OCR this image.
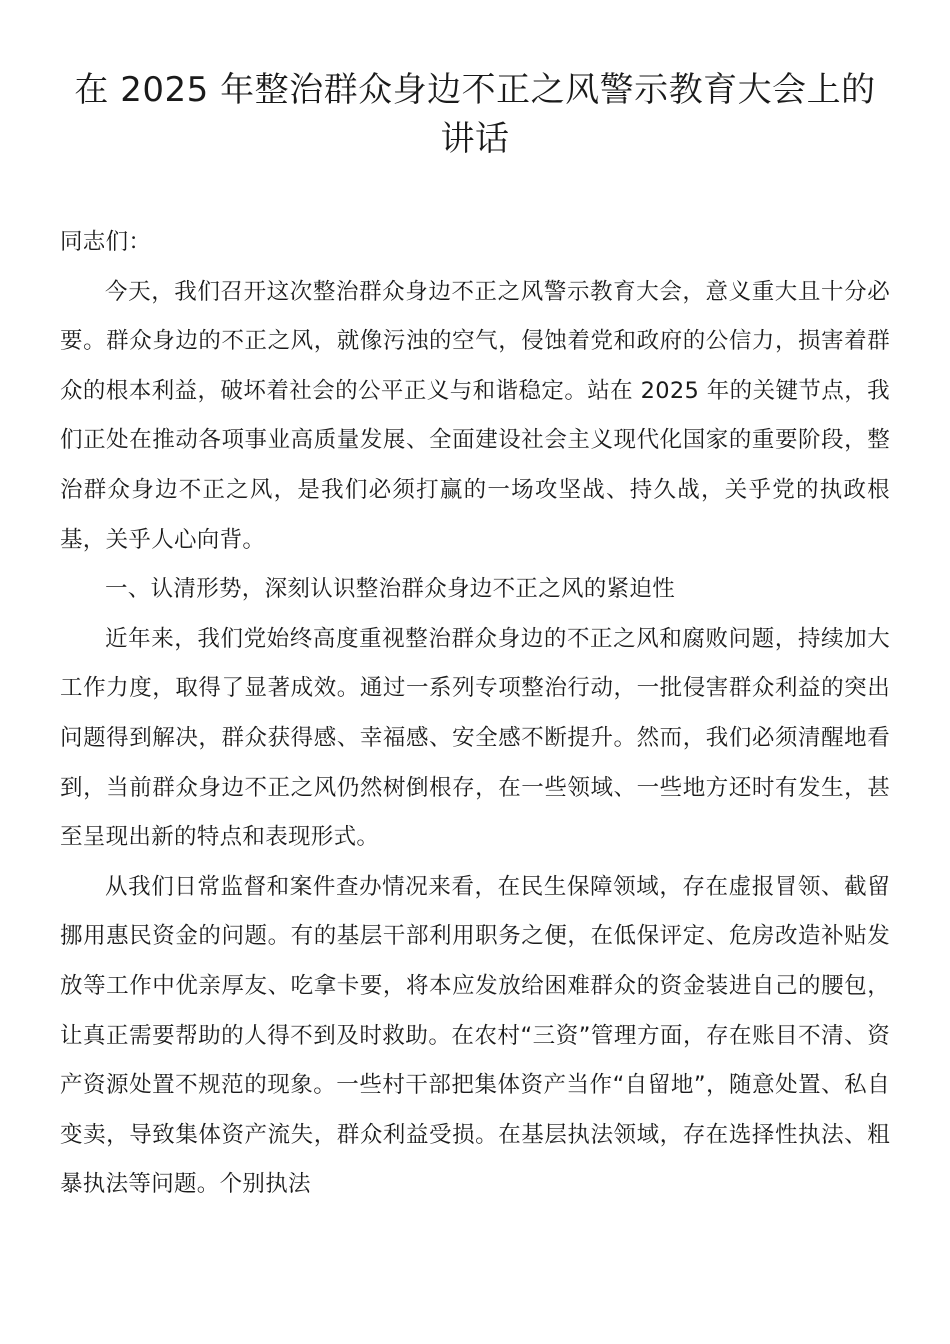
在 2025 年整治群众身边不正之风警示教育大会上的讲话

同志们：

今天，我们召开这次整治群众身边不正之风警示教育大会，意义重大且十分必要。群众身边的不正之风，就像污浊的空气，侵蚀着党和政府的公信力，损害着群众的根本利益，破坏着社会的公平正义与和谐稳定。站在 2025 年的关键节点，我们正处在推动各项事业高质量发展、全面建设社会主义现代化国家的重要阶段，整治群众身边不正之风，是我们必须打赢的一场攻坚战、持久战，关乎党的执政根基，关乎人心向背。

一、认清形势，深刻认识整治群众身边不正之风的紧迫性

近年来，我们党始终高度重视整治群众身边的不正之风和腐败问题，持续加大工作力度，取得了显著成效。通过一系列专项整治行动，一批侵害群众利益的突出问题得到解决，群众获得感、幸福感、安全感不断提升。然而，我们必须清醒地看到，当前群众身边不正之风仍然树倒根存，在一些领域、一些地方还时有发生，甚至呈现出新的特点和表现形式。

从我们日常监督和案件查办情况来看，在民生保障领域，存在虚报冒领、截留挪用惠民资金的问题。有的基层干部利用职务之便，在低保评定、危房改造补贴发放等工作中优亲厚友、吃拿卡要，将本应发放给困难群众的资金装进自己的腰包，让真正需要帮助的人得不到及时救助。在农村“三资”管理方面，存在账目不清、资产资源处置不规范的现象。一些村干部把集体资产当作“自留地”，随意处置、私自变卖，导致集体资产流失，群众利益受损。在基层执法领域，存在选择性执法、粗暴执法等问题。个别执法
